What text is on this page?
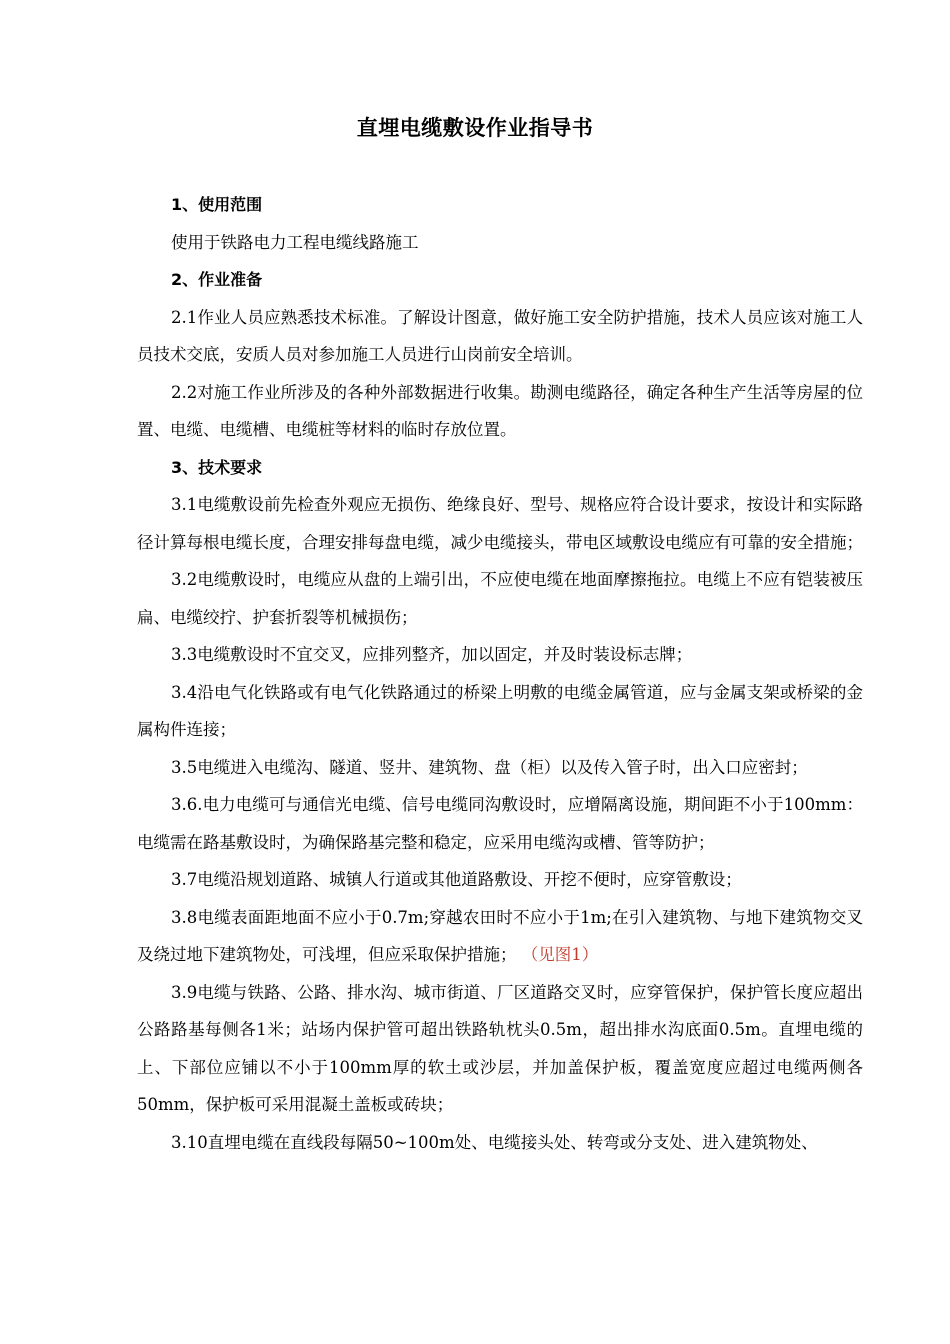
直埋电缆敷设作业指导书

1、使用范围

使用于铁路电力工程电缆线路施工

2、作业准备

2.1作业人员应熟悉技术标准。了解设计图意，做好施工安全防护措施，技术人员应该对施工人员技术交底，安质人员对参加施工人员进行山岗前安全培训。

2.2对施工作业所涉及的各种外部数据进行收集。勘测电缆路径，确定各种生产生活等房屋的位置、电缆、电缆槽、电缆桩等材料的临时存放位置。

3、技术要求

3.1电缆敷设前先检查外观应无损伤、绝缘良好、型号、规格应符合设计要求，按设计和实际路径计算每根电缆长度，合理安排每盘电缆，减少电缆接头，带电区域敷设电缆应有可靠的安全措施；

3.2电缆敷设时，电缆应从盘的上端引出，不应使电缆在地面摩擦拖拉。电缆上不应有铠装被压扁、电缆绞拧、护套折裂等机械损伤；

3.3电缆敷设时不宜交叉，应排列整齐，加以固定，并及时装设标志牌；

3.4沿电气化铁路或有电气化铁路通过的桥梁上明敷的电缆金属管道，应与金属支架或桥梁的金属构件连接；

3.5电缆进入电缆沟、隧道、竖井、建筑物、盘（柜）以及传入管子时，出入口应密封；

3.6.电力电缆可与通信光电缆、信号电缆同沟敷设时，应增隔离设施，期间距不小于100mm：电缆需在路基敷设时，为确保路基完整和稳定，应采用电缆沟或槽、管等防护；

3.7电缆沿规划道路、城镇人行道或其他道路敷设、开挖不便时，应穿管敷设；

3.8电缆表面距地面不应小于0.7m;穿越农田时不应小于1m;在引入建筑物、与地下建筑物交叉及绕过地下建筑物处，可浅埋，但应采取保护措施； （见图1）

3.9电缆与铁路、公路、排水沟、城市街道、厂区道路交叉时，应穿管保护，保护管长度应超出公路路基每侧各1米；站场内保护管可超出铁路轨枕头0.5m，超出排水沟底面0.5m。直埋电缆的上、下部位应铺以不小于100mm厚的软土或沙层，并加盖保护板，覆盖宽度应超过电缆两侧各50mm，保护板可采用混凝土盖板或砖块；

3.10直埋电缆在直线段每隔50~100m处、电缆接头处、转弯或分支处、进入建筑物处、
